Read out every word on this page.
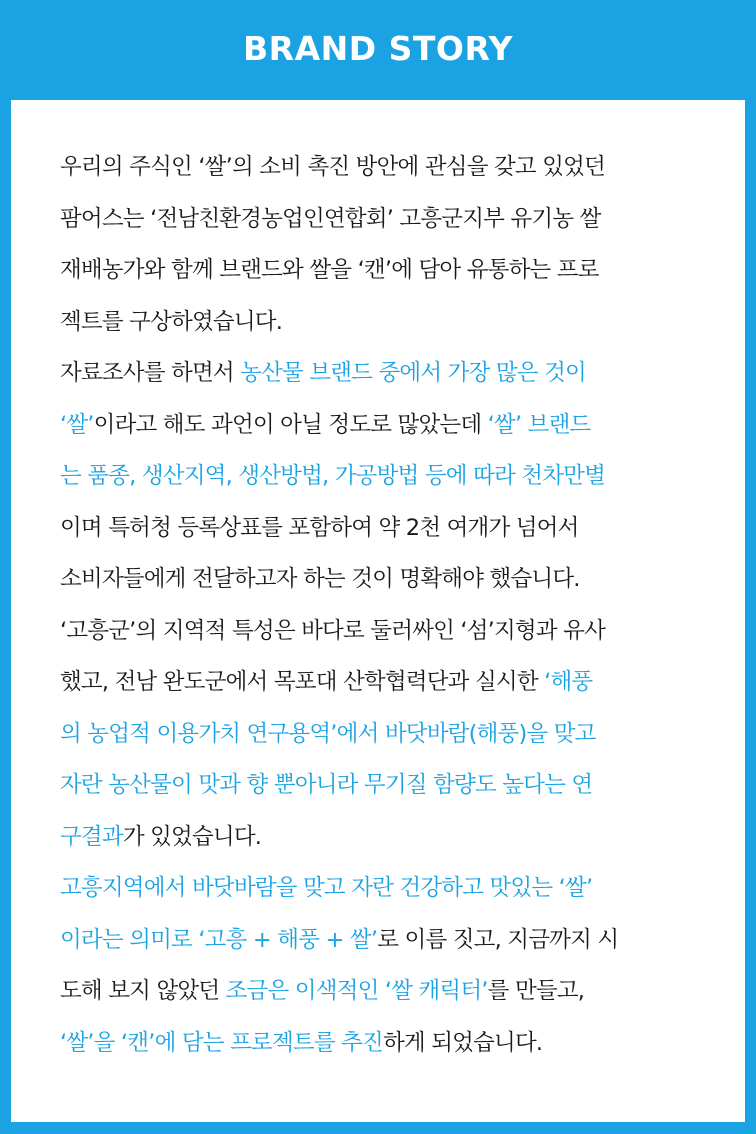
BRAND STORY
우리의 주식인 ‘쌀’의 소비 촉진 방안에 관심을 갖고 있었던
팜어스는 ‘전남친환경농업인연합회’ 고흥군지부 유기농 쌀
재배농가와 함께 브랜드와 쌀을 ‘캔’에 담아 유통하는 프로
젝트를 구상하였습니다.
자료조사를 하면서 농산물 브랜드 중에서 가장 많은 것이
‘쌀’이라고 해도 과언이 아닐 정도로 많았는데 ‘쌀’ 브랜드
는 품종, 생산지역, 생산방법, 가공방법 등에 따라 천차만별
이며 특허청 등록상표를 포함하여 약 2천 여개가 넘어서
소비자들에게 전달하고자 하는 것이 명확해야 했습니다.
‘고흥군’의 지역적 특성은 바다로 둘러싸인 ‘섬’지형과 유사
했고, 전남 완도군에서 목포대 산학협력단과 실시한 ‘해풍
의 농업적 이용가치 연구용역’에서 바닷바람(해풍)을 맞고
자란 농산물이 맛과 향 뿐아니라 무기질 함량도 높다는 연
구결과가 있었습니다.
고흥지역에서 바닷바람을 맞고 자란 건강하고 맛있는 ‘쌀’
이라는 의미로 ‘고흥 + 해풍 + 쌀’로 이름 짓고, 지금까지 시
도해 보지 않았던 조금은 이색적인 ‘쌀 캐릭터’를 만들고,
‘쌀’을 ‘캔’에 담는 프로젝트를 추진하게 되었습니다.
